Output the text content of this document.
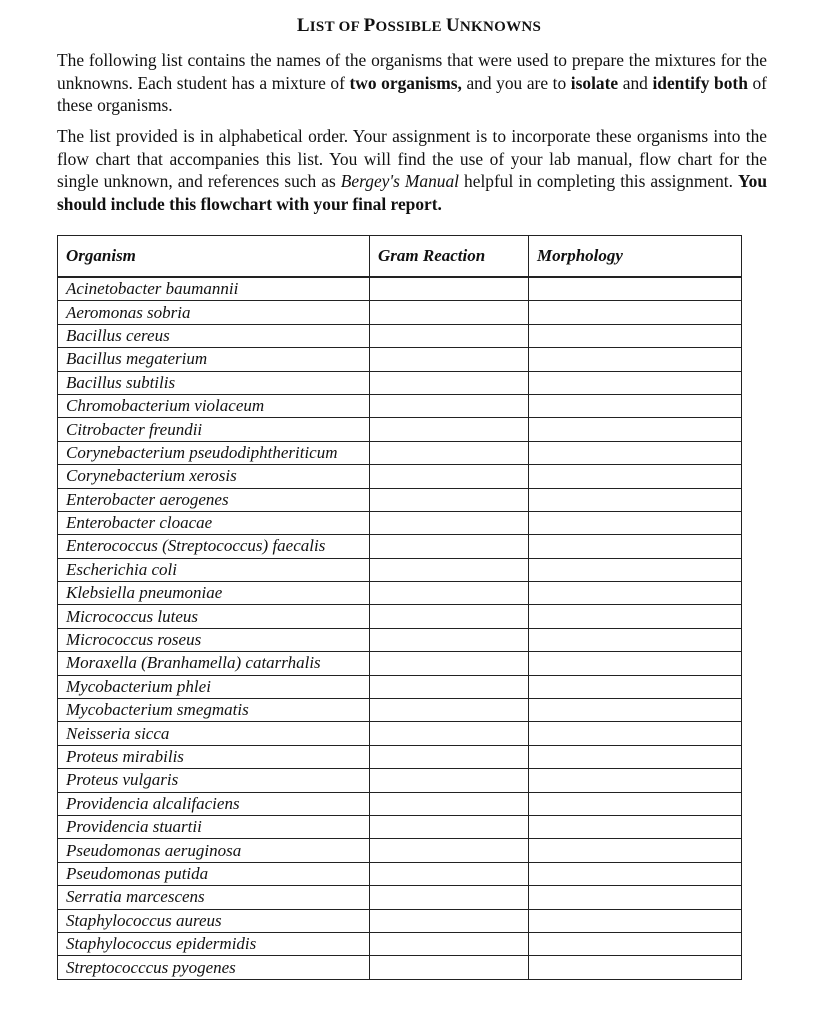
LIST OF POSSIBLE UNKNOWNS

The following list contains the names of the organisms that were used to prepare the mixtures for the unknowns. Each student has a mixture of two organisms, and you are to isolate and identify both of these organisms.

The list provided is in alphabetical order. Your assignment is to incorporate these organisms into the flow chart that accompanies this list. You will find the use of your lab manual, flow chart for the single unknown, and references such as Bergey's Manual helpful in completing this assignment. You should include this flowchart with your final report.

Organism	Gram Reaction	Morphology
Acinetobacter baumannii		
Aeromonas sobria		
Bacillus cereus		
Bacillus megaterium		
Bacillus subtilis		
Chromobacterium violaceum		
Citrobacter freundii		
Corynebacterium pseudodiphtheriticum		
Corynebacterium xerosis		
Enterobacter aerogenes		
Enterobacter cloacae		
Enterococcus (Streptococcus) faecalis		
Escherichia coli		
Klebsiella pneumoniae		
Micrococcus luteus		
Micrococcus roseus		
Moraxella (Branhamella) catarrhalis		
Mycobacterium phlei		
Mycobacterium smegmatis		
Neisseria sicca		
Proteus mirabilis		
Proteus vulgaris		
Providencia alcalifaciens		
Providencia stuartii		
Pseudomonas aeruginosa		
Pseudomonas putida		
Serratia marcescens		
Staphylococcus aureus		
Staphylococcus epidermidis		
Streptococccus pyogenes		
